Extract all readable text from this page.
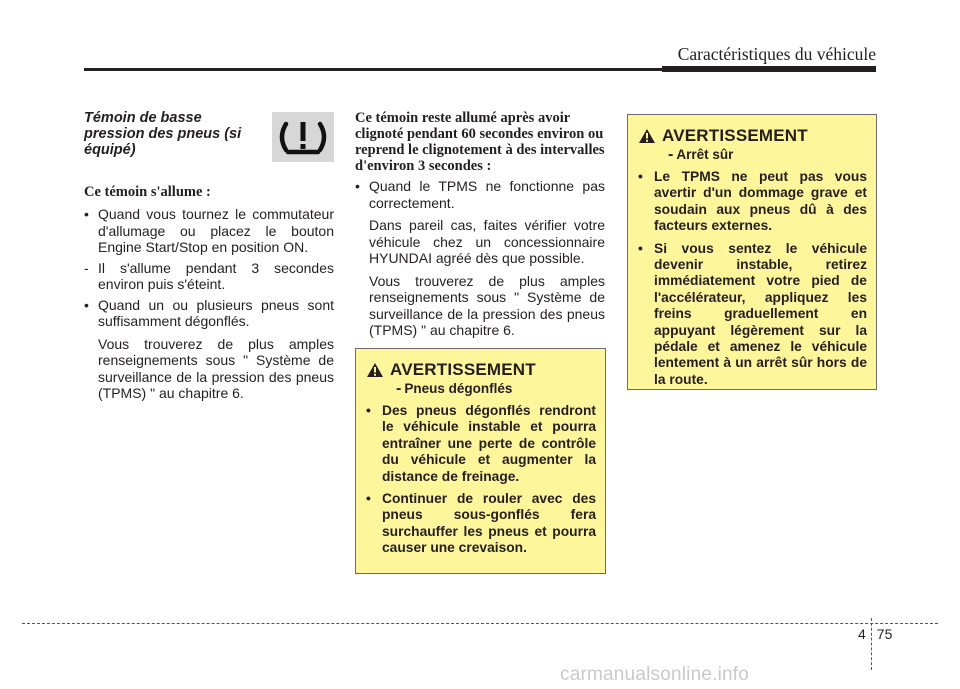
Caractéristiques du véhicule
Témoin de basse pression des pneus (si équipé)
Ce témoin s'allume :
• Quand vous tournez le commutateur d'allumage ou placez le bouton Engine Start/Stop en position ON.
- Il s'allume pendant 3 secondes environ puis s'éteint.
• Quand un ou plusieurs pneus sont suffisamment dégonflés.
Vous trouverez de plus amples renseignements sous " Système de surveillance de la pression des pneus (TPMS) " au chapitre 6.
Ce témoin reste allumé après avoir clignoté pendant 60 secondes environ ou reprend le clignotement à des intervalles d'environ 3 secondes :
• Quand le TPMS ne fonctionne pas correctement.
Dans pareil cas, faites vérifier votre véhicule chez un concessionnaire HYUNDAI agréé dès que possible.
Vous trouverez de plus amples renseignements sous " Système de surveillance de la pression des pneus (TPMS) " au chapitre 6.
AVERTISSEMENT
- Pneus dégonflés
• Des pneus dégonflés rendront le véhicule instable et pourra entraîner une perte de contrôle du véhicule et augmenter la distance de freinage.
• Continuer de rouler avec des pneus sous-gonflés fera surchauffer les pneus et pourra causer une crevaison.
AVERTISSEMENT
- Arrêt sûr
• Le TPMS ne peut pas vous avertir d'un dommage grave et soudain aux pneus dû à des facteurs externes.
• Si vous sentez le véhicule devenir instable, retirez immédiatement votre pied de l'accélérateur, appliquez les freins graduellement en appuyant légèrement sur la pédale et amenez le véhicule lentement à un arrêt sûr hors de la route.
4 75
carmanualsonline.info
